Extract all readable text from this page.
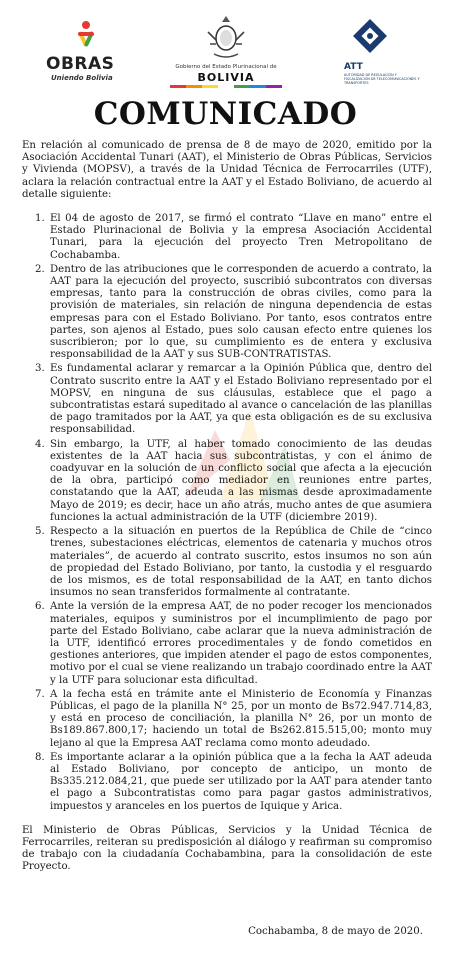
OBRAS
Uniendo Bolivia
Gobierno del Estado Plurinacional de
BOLIVIA
ATT
AUTORIDAD DE REGULACIÓN Y FISCALIZACIÓN DE TELECOMUNICACIONES Y TRANSPORTES
COMUNICADO

En relación al comunicado de prensa de 8 de mayo de 2020, emitido por la Asociación Accidental Tunari (AAT), el Ministerio de Obras Públicas, Servicios y Vivienda (MOPSV), a través de la Unidad Técnica de Ferrocarriles (UTF), aclara la relación contractual entre la AAT y el Estado Boliviano, de acuerdo al detalle siguiente:

1. El 04 de agosto de 2017, se firmó el contrato “Llave en mano” entre el Estado Plurinacional de Bolivia y la empresa Asociación Accidental Tunari, para la ejecución del proyecto Tren Metropolitano de Cochabamba.
2. Dentro de las atribuciones que le corresponden de acuerdo a contrato, la AAT para la ejecución del proyecto, suscribió subcontratos con diversas empresas, tanto para la construcción de obras civiles, como para la provisión de materiales, sin relación de ninguna dependencia de estas empresas para con el Estado Boliviano. Por tanto, esos contratos entre partes, son ajenos al Estado, pues solo causan efecto entre quienes los suscribieron; por lo que, su cumplimiento es de entera y exclusiva responsabilidad de la AAT y sus SUB-CONTRATISTAS.
3. Es fundamental aclarar y remarcar a la Opinión Pública que, dentro del Contrato suscrito entre la AAT y el Estado Boliviano representado por el MOPSV, en ninguna de sus cláusulas, establece que el pago a subcontratistas estará supeditado al avance o cancelación de las planillas de pago tramitados por la AAT, ya que esta obligación es de su exclusiva responsabilidad.
4. Sin embargo, la UTF, al haber tomado conocimiento de las deudas existentes de la AAT hacia sus subcontratistas, y con el ánimo de coadyuvar en la solución de un conflicto social que afecta a la ejecución de la obra, participó como mediador en reuniones entre partes, constatando que la AAT, adeuda a las mismas desde aproximadamente Mayo de 2019; es decir, hace un año atrás, mucho antes de que asumiera funciones la actual administración de la UTF (diciembre 2019).
5. Respecto a la situación en puertos de la República de Chile de “cinco trenes, subestaciones eléctricas, elementos de catenaria y muchos otros materiales”, de acuerdo al contrato suscrito, estos insumos no son aún de propiedad del Estado Boliviano, por tanto, la custodia y el resguardo de los mismos, es de total responsabilidad de la AAT, en tanto dichos insumos no sean transferidos formalmente al contratante.
6. Ante la versión de la empresa AAT, de no poder recoger los mencionados materiales, equipos y suministros por el incumplimiento de pago por parte del Estado Boliviano, cabe aclarar que la nueva administración de la UTF, identificó errores procedimentales y de fondo cometidos en gestiones anteriores, que impiden atender el pago de estos componentes, motivo por el cual se viene realizando un trabajo coordinado entre la AAT y la UTF para solucionar esta dificultad.
7. A la fecha está en trámite ante el Ministerio de Economía y Finanzas Públicas, el pago de la planilla N° 25, por un monto de Bs72.947.714,83, y está en proceso de conciliación, la planilla N° 26, por un monto de Bs189.867.800,17; haciendo un total de Bs262.815.515,00; monto muy lejano al que la Empresa AAT reclama como monto adeudado.
8. Es importante aclarar a la opinión pública que a la fecha la AAT adeuda al Estado Boliviano, por concepto de anticipo, un monto de Bs335.212.084,21, que puede ser utilizado por la AAT para atender tanto el pago a Subcontratistas como para pagar gastos administrativos, impuestos y aranceles en los puertos de Iquique y Arica.

El Ministerio de Obras Públicas, Servicios y la Unidad Técnica de Ferrocarriles, reiteran su predisposición al diálogo y reafirman su compromiso de trabajo con la ciudadanía Cochabambina, para la consolidación de este Proyecto.

Cochabamba, 8 de mayo de 2020.
